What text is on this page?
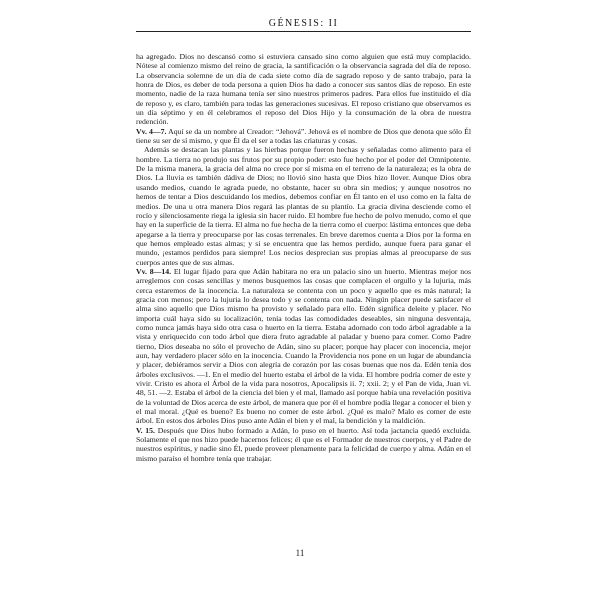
GÉNESIS: II

ha agregado. Dios no descansó como si estuviera cansado sino como alguien que está muy complacido. Nótese al comienzo mismo del reino de gracia, la santificación o la observancia sagrada del día de reposo. La observancia solemne de un día de cada siete como día de sagrado reposo y de santo trabajo, para la honra de Dios, es deber de toda persona a quien Dios ha dado a conocer sus santos días de reposo. En este momento, nadie de la raza humana tenía ser sino nuestros primeros padres. Para ellos fue instituido el día de reposo y, es claro, también para todas las generaciones sucesivas. El reposo cristiano que observamos es un día séptimo y en él celebramos el reposo del Dios Hijo y la consumación de la obra de nuestra redención.

Vv. 4—7. Aquí se da un nombre al Creador: “Jehová”. Jehová es el nombre de Dios que denota que sólo Él tiene su ser de sí mismo, y que Él da el ser a todas las criaturas y cosas.

Además se destacan las plantas y las hierbas porque fueron hechas y señaladas como alimento para el hombre. La tierra no produjo sus frutos por su propio poder: esto fue hecho por el poder del Omnipotente. De la misma manera, la gracia del alma no crece por sí misma en el terreno de la naturaleza; es la obra de Dios. La lluvia es también dádiva de Dios; no llovió sino hasta que Dios hizo llover. Aunque Dios obra usando medios, cuando le agrada puede, no obstante, hacer su obra sin medios; y aunque nosotros no hemos de tentar a Dios descuidando los medios, debemos confiar en Él tanto en el uso como en la falta de medios. De una u otra manera Dios regará las plantas de su plantío. La gracia divina desciende como el rocío y silenciosamente riega la iglesia sin hacer ruido. El hombre fue hecho de polvo menudo, como el que hay en la superficie de la tierra. El alma no fue hecha de la tierra como el cuerpo: lástima entonces que deba apegarse a la tierra y preocuparse por las cosas terrenales. En breve daremos cuenta a Dios por la forma en que hemos empleado estas almas; y si se encuentra que las hemos perdido, aunque fuera para ganar el mundo, ¡estamos perdidos para siempre! Los necios desprecian sus propias almas al preocuparse de sus cuerpos antes que de sus almas.

Vv. 8—14. El lugar fijado para que Adán habitara no era un palacio sino un huerto. Mientras mejor nos arreglemos con cosas sencillas y menos busquemos las cosas que complacen el orgullo y la lujuria, más cerca estaremos de la inocencia. La naturaleza se contenta con un poco y aquello que es más natural; la gracia con menos; pero la lujuria lo desea todo y se contenta con nada. Ningún placer puede satisfacer el alma sino aquello que Dios mismo ha provisto y señalado para ello. Edén significa deleite y placer. No importa cuál haya sido su localización, tenía todas las comodidades deseables, sin ninguna desventaja, como nunca jamás haya sido otra casa o huerto en la tierra. Estaba adornado con todo árbol agradable a la vista y enriquecido con todo árbol que diera fruto agradable al paladar y bueno para comer. Como Padre tierno, Dios deseaba no sólo el provecho de Adán, sino su placer; porque hay placer con inocencia, mejor aun, hay verdadero placer sólo en la inocencia. Cuando la Providencia nos pone en un lugar de abundancia y placer, debiéramos servir a Dios con alegría de corazón por las cosas buenas que nos da. Edén tenía dos árboles exclusivos. —1. En el medio del huerto estaba el árbol de la vida. El hombre podría comer de este y vivir. Cristo es ahora el Árbol de la vida para nosotros, Apocalipsis ii. 7; xxii. 2; y el Pan de vida, Juan vi. 48, 51. —2. Estaba el árbol de la ciencia del bien y el mal, llamado así porque había una revelación positiva de la voluntad de Dios acerca de este árbol, de manera que por él el hombre podía llegar a conocer el bien y el mal moral. ¿Qué es bueno? Es bueno no comer de este árbol. ¿Qué es malo? Malo es comer de este árbol. En estos dos árboles Dios puso ante Adán el bien y el mal, la bendición y la maldición.

V. 15. Después que Dios hubo formado a Adán, lo puso en el huerto. Así toda jactancia quedó excluida. Solamente el que nos hizo puede hacernos felices; él que es el Formador de nuestros cuerpos, y el Padre de nuestros espíritus, y nadie sino Él, puede proveer plenamente para la felicidad de cuerpo y alma. Adán en el mismo paraíso el hombre tenía que trabajar.

11
